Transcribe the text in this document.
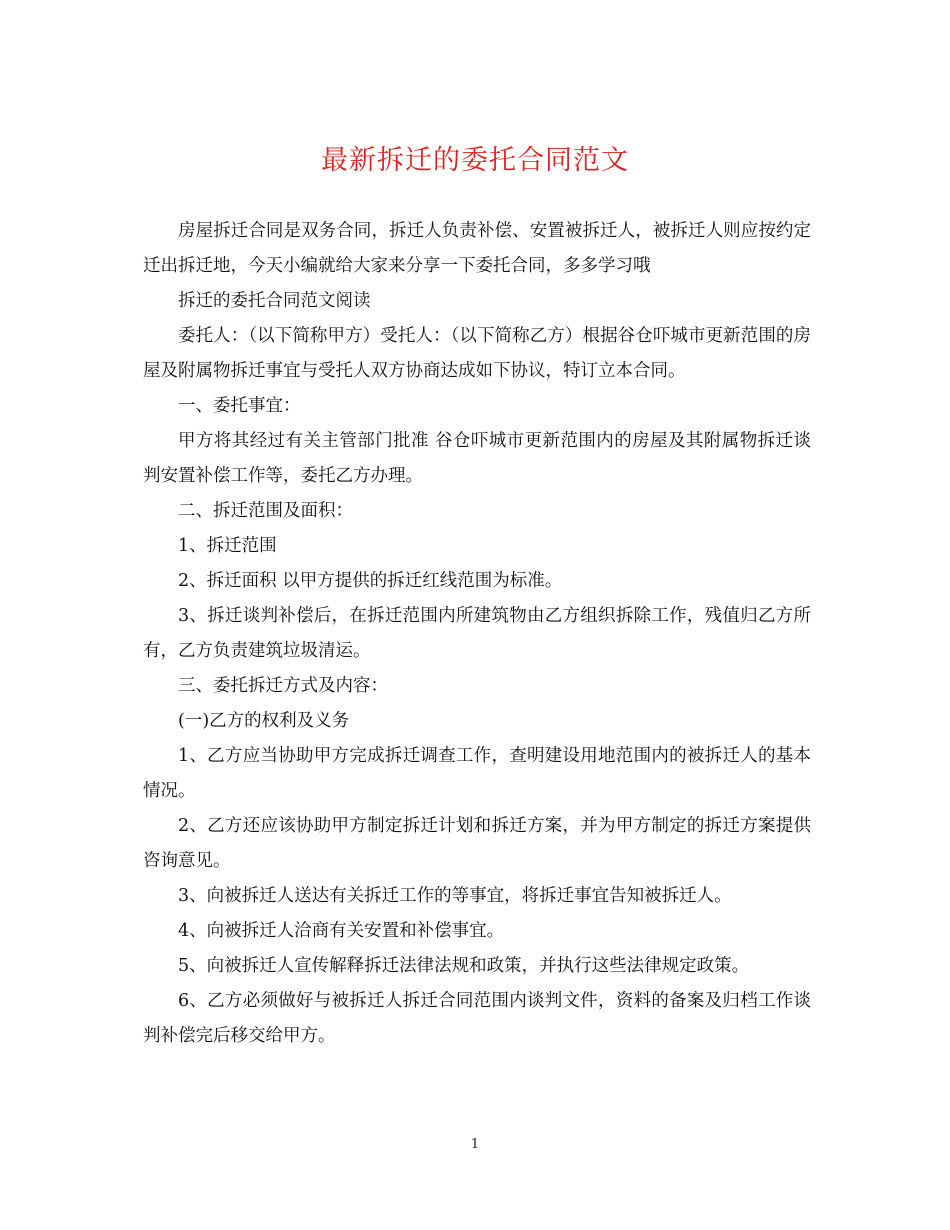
最新拆迁的委托合同范文

房屋拆迁合同是双务合同，拆迁人负责补偿、安置被拆迁人，被拆迁人则应按约定迁出拆迁地，今天小编就给大家来分享一下委托合同，多多学习哦

拆迁的委托合同范文阅读

委托人：（以下简称甲方）受托人：（以下简称乙方）根据谷仓吓城市更新范围的房屋及附属物拆迁事宜与受托人双方协商达成如下协议，特订立本合同。

一、委托事宜：

甲方将其经过有关主管部门批准 谷仓吓城市更新范围内的房屋及其附属物拆迁谈判安置补偿工作等，委托乙方办理。

二、拆迁范围及面积：

1、拆迁范围

2、拆迁面积 以甲方提供的拆迁红线范围为标准。

3、拆迁谈判补偿后，在拆迁范围内所建筑物由乙方组织拆除工作，残值归乙方所有，乙方负责建筑垃圾清运。

三、委托拆迁方式及内容：

(一)乙方的权利及义务

1、乙方应当协助甲方完成拆迁调查工作，查明建设用地范围内的被拆迁人的基本情况。

2、乙方还应该协助甲方制定拆迁计划和拆迁方案，并为甲方制定的拆迁方案提供咨询意见。

3、向被拆迁人送达有关拆迁工作的等事宜，将拆迁事宜告知被拆迁人。

4、向被拆迁人洽商有关安置和补偿事宜。

5、向被拆迁人宣传解释拆迁法律法规和政策，并执行这些法律规定政策。

6、乙方必须做好与被拆迁人拆迁合同范围内谈判文件，资料的备案及归档工作谈判补偿完后移交给甲方。

1
